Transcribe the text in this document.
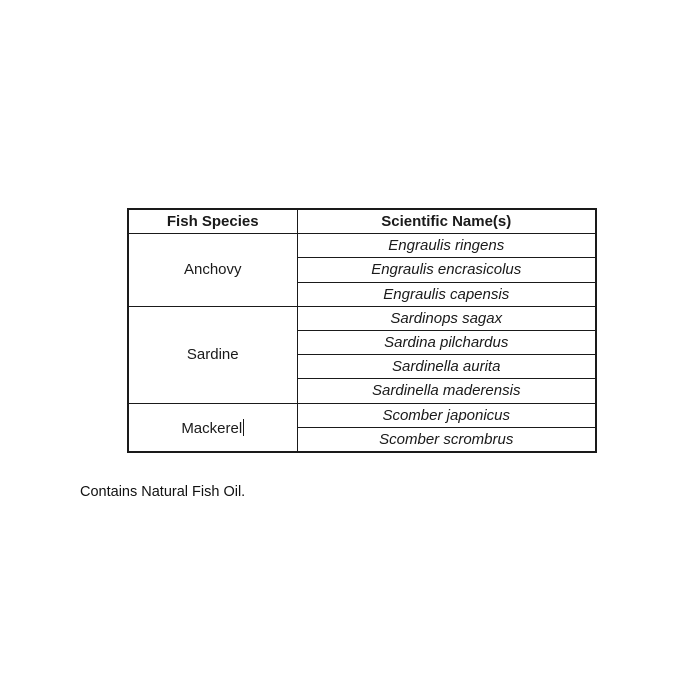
Fish Species	Scientific Name(s)
Anchovy	Engraulis ringens
	Engraulis encrasicolus
	Engraulis capensis
Sardine	Sardinops sagax
	Sardina pilchardus
	Sardinella aurita
	Sardinella maderensis
Mackerel	Scomber japonicus
	Scomber scrombrus
Contains Natural Fish Oil.
